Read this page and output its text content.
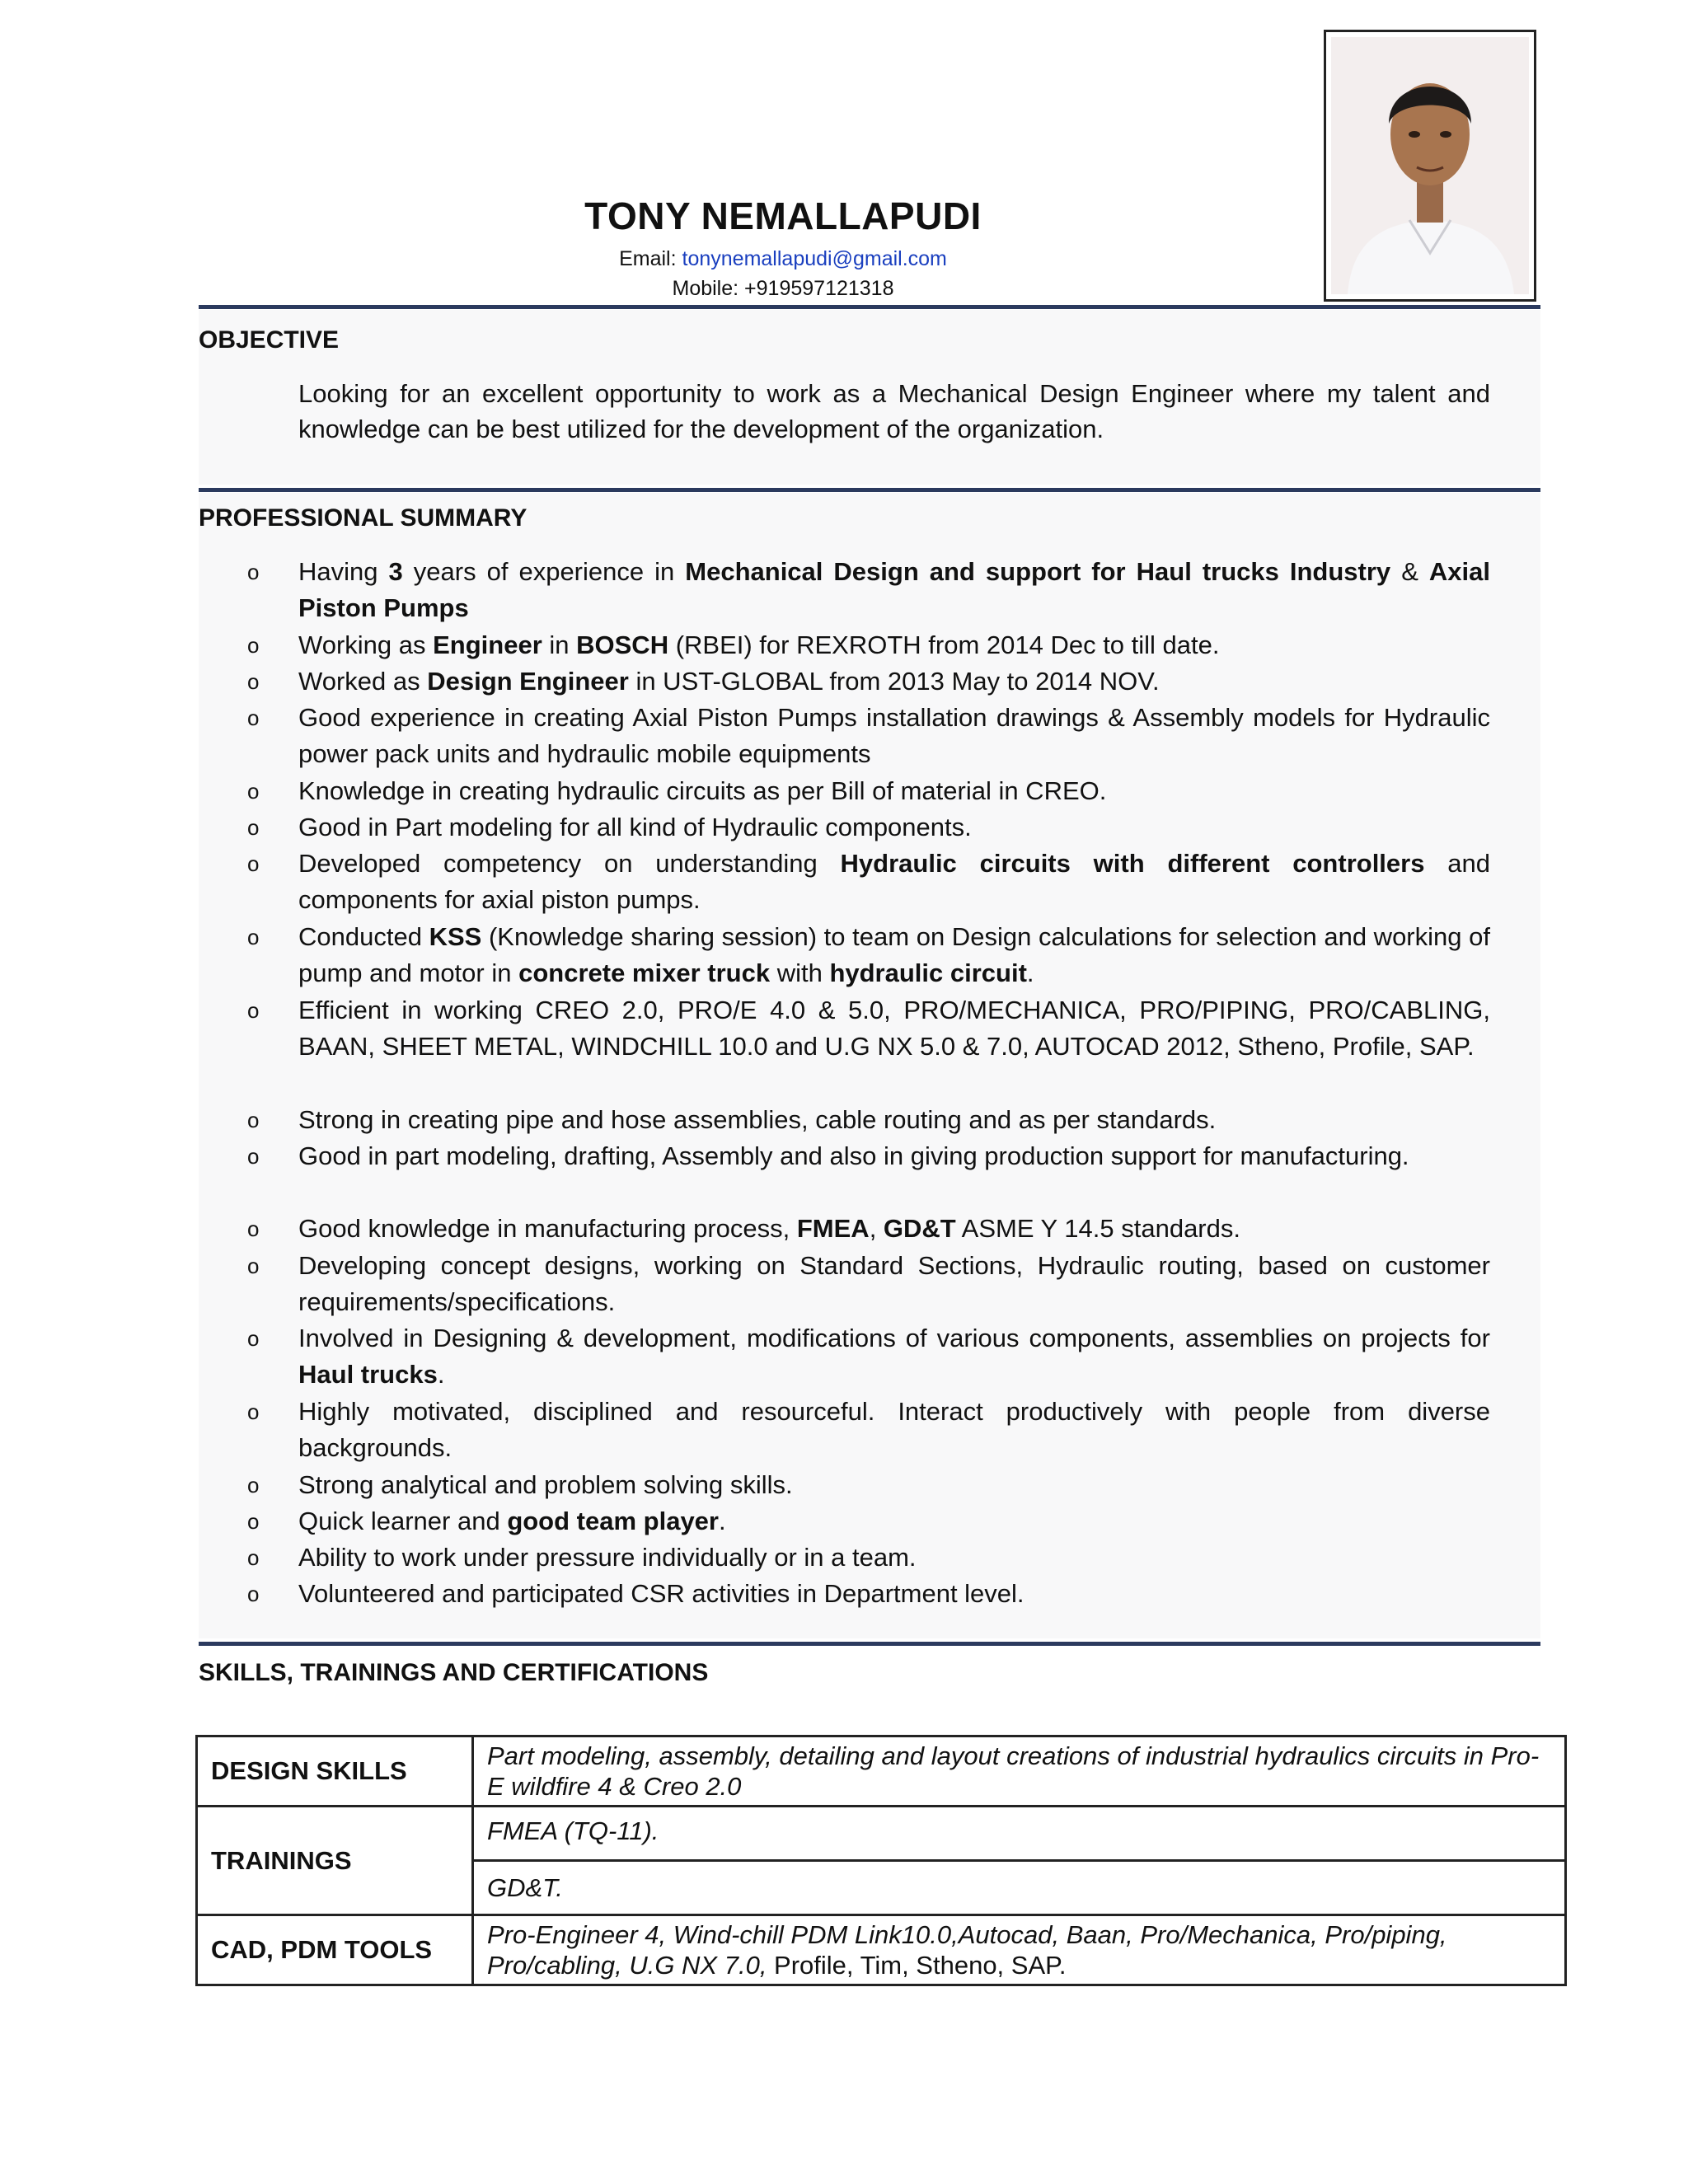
TONY NEMALLAPUDI
Email: tonynemallapudi@gmail.com
Mobile: +919597121318
OBJECTIVE
Looking for an excellent opportunity to work as a Mechanical Design Engineer where my talent and knowledge can be best utilized for the development of the organization.
PROFESSIONAL SUMMARY
o Having 3 years of experience in Mechanical Design and support for Haul trucks Industry & Axial Piston Pumps
o Working as Engineer in BOSCH (RBEI) for REXROTH from 2014 Dec to till date.
o Worked as Design Engineer in UST-GLOBAL from 2013 May to 2014 NOV.
o Good experience in creating Axial Piston Pumps installation drawings & Assembly models for Hydraulic power pack units and hydraulic mobile equipments
o Knowledge in creating hydraulic circuits as per Bill of material in CREO.
o Good in Part modeling for all kind of Hydraulic components.
o Developed competency on understanding Hydraulic circuits with different controllers and components for axial piston pumps.
o Conducted KSS (Knowledge sharing session) to team on Design calculations for selection and working of pump and motor in concrete mixer truck with hydraulic circuit.
o Efficient in working CREO 2.0, PRO/E 4.0 & 5.0, PRO/MECHANICA, PRO/PIPING, PRO/CABLING, BAAN, SHEET METAL, WINDCHILL 10.0 and U.G NX 5.0 & 7.0, AUTOCAD 2012, Stheno, Profile, SAP.
o Strong in creating pipe and hose assemblies, cable routing and as per standards.
o Good in part modeling, drafting, Assembly and also in giving production support for manufacturing.
o Good knowledge in manufacturing process, FMEA, GD&T ASME Y 14.5 standards.
o Developing concept designs, working on Standard Sections, Hydraulic routing, based on customer requirements/specifications.
o Involved in Designing & development, modifications of various components, assemblies on projects for Haul trucks.
o Highly motivated, disciplined and resourceful. Interact productively with people from diverse backgrounds.
o Strong analytical and problem solving skills.
o Quick learner and good team player.
o Ability to work under pressure individually or in a team.
o Volunteered and participated CSR activities in Department level.
SKILLS, TRAININGS AND CERTIFICATIONS
DESIGN SKILLS	Part modeling, assembly, detailing and layout creations of industrial hydraulics circuits in Pro-E wildfire 4 & Creo 2.0
TRAININGS	FMEA (TQ-11).
	GD&T.
CAD, PDM TOOLS	Pro-Engineer 4, Wind-chill PDM Link10.0,Autocad, Baan, Pro/Mechanica, Pro/piping, Pro/cabling, U.G NX 7.0, Profile, Tim, Stheno, SAP.
